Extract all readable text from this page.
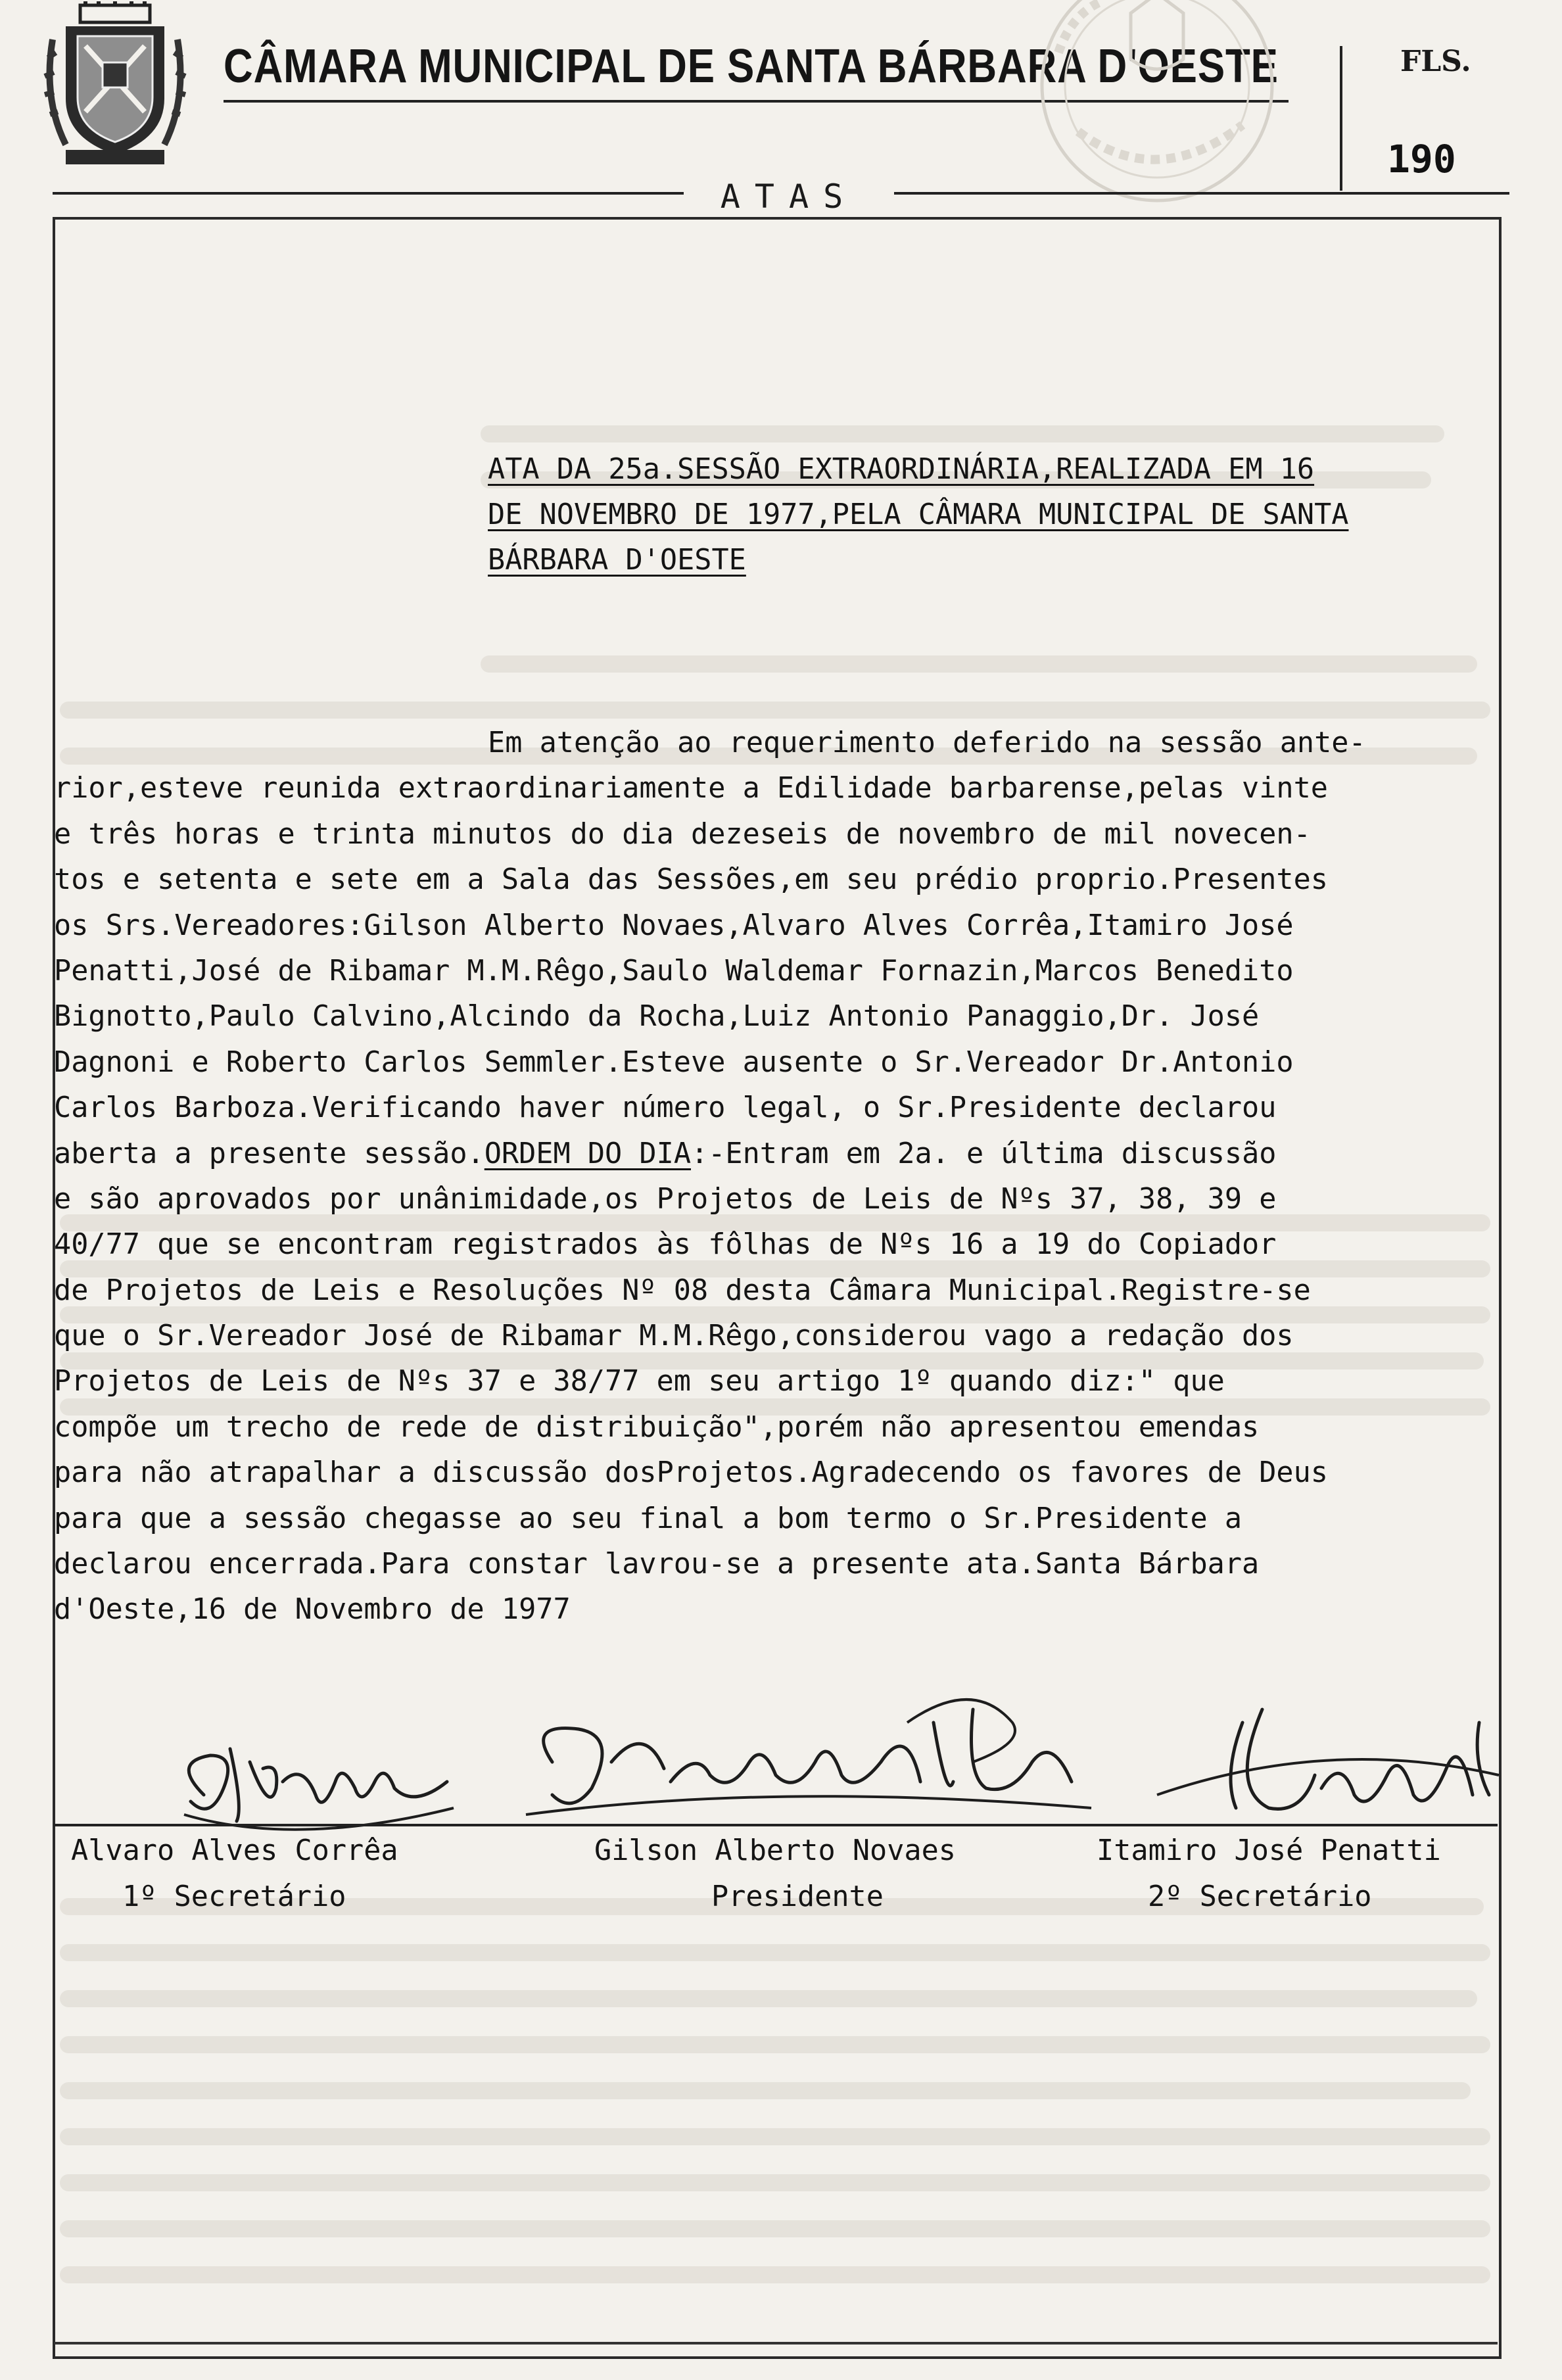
CÂMARA MUNICIPAL DE SANTA BÁRBARA D'OESTE	FLS.
190
ATAS
ATA DA 25a.SESSÃO EXTRAORDINÁRIA,REALIZADA EM 16
DE NOVEMBRO DE 1977,PELA CÂMARA MUNICIPAL DE SANTA
BÁRBARA D'OESTE
Em atenção ao requerimento deferido na sessão ante-
rior,esteve reunida extraordinariamente a Edilidade barbarense,pelas vinte
e três horas e trinta minutos do dia dezeseis de novembro de mil novecen-
tos e setenta e sete em a Sala das Sessões,em seu prédio proprio.Presentes
os Srs.Vereadores:Gilson Alberto Novaes,Alvaro Alves Corrêa,Itamiro José
Penatti,José de Ribamar M.M.Rêgo,Saulo Waldemar Fornazin,Marcos Benedito
Bignotto,Paulo Calvino,Alcindo da Rocha,Luiz Antonio Panaggio,Dr. José
Dagnoni e Roberto Carlos Semmler.Esteve ausente o Sr.Vereador Dr.Antonio
Carlos Barboza.Verificando haver número legal, o Sr.Presidente declarou
aberta a presente sessão.ORDEM DO DIA:-Entram em 2a. e última discussão
e são aprovados por unânimidade,os Projetos de Leis de Nºs 37, 38, 39 e
40/77 que se encontram registrados às fôlhas de Nºs 16 a 19 do Copiador
de Projetos de Leis e Resoluções Nº 08 desta Câmara Municipal.Registre-se
que o Sr.Vereador José de Ribamar M.M.Rêgo,considerou vago a redação dos
Projetos de Leis de Nºs 37 e 38/77 em seu artigo 1º quando diz:" que
compõe um trecho de rede de distribuição",porém não apresentou emendas
para não atrapalhar a discussão dosProjetos.Agradecendo os favores de Deus
para que a sessão chegasse ao seu final a bom termo o Sr.Presidente a
declarou encerrada.Para constar lavrou-se a presente ata.Santa Bárbara
d'Oeste,16 de Novembro de 1977
Alvaro Alves Corrêa
1º Secretário
Gilson Alberto Novaes
Presidente
Itamiro José Penatti
2º Secretário
